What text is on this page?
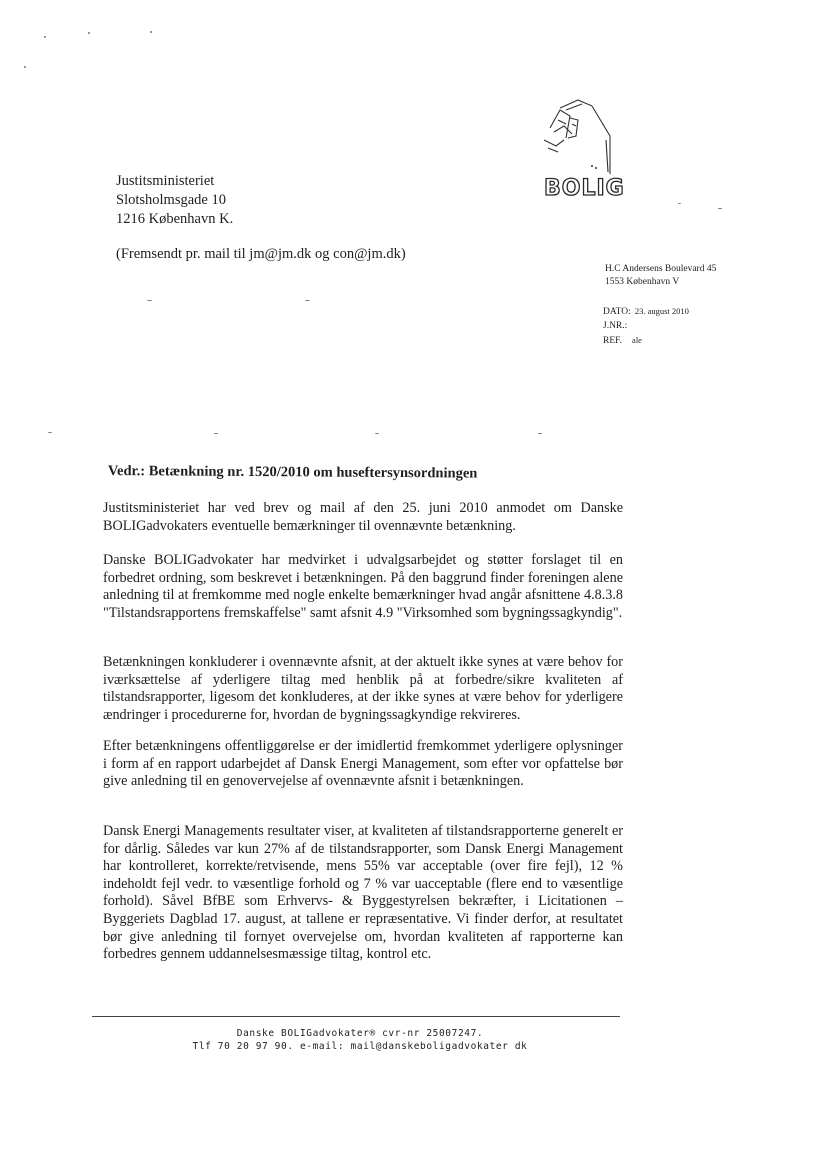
Justitsministeriet
Slotsholmsgade 10
1216 København K.
(Fremsendt pr. mail til jm@jm.dk og con@jm.dk)
BOLIG
H.C Andersens Boulevard 45
1553 København V
DATO: 23. august 2010
J.NR.:
REF. ale
Vedr.: Betænkning nr. 1520/2010 om huseftersynsordningen
Justitsministeriet har ved brev og mail af den 25. juni 2010 anmodet om Danske BOLIGadvokaters eventuelle bemærkninger til ovennævnte betænkning.
Danske BOLIGadvokater har medvirket i udvalgsarbejdet og støtter forslaget til en forbedret ordning, som beskrevet i betænkningen. På den baggrund finder foreningen alene anledning til at fremkomme med nogle enkelte bemærkninger hvad angår afsnittene 4.8.3.8 "Tilstandsrapportens fremskaffelse" samt afsnit 4.9 "Virksomhed som bygningssagkyndig".
Betænkningen konkluderer i ovennævnte afsnit, at der aktuelt ikke synes at være behov for iværksættelse af yderligere tiltag med henblik på at forbedre/sikre kvaliteten af tilstandsrapporter, ligesom det konkluderes, at der ikke synes at være behov for yderligere ændringer i procedurerne for, hvordan de bygningssagkyndige rekvireres.
Efter betænkningens offentliggørelse er der imidlertid fremkommet yderligere oplysninger i form af en rapport udarbejdet af Dansk Energi Management, som efter vor opfattelse bør give anledning til en genovervejelse af ovennævnte afsnit i betænkningen.
Dansk Energi Managements resultater viser, at kvaliteten af tilstandsrapporterne generelt er for dårlig. Således var kun 27% af de tilstandsrapporter, som Dansk Energi Management har kontrolleret, korrekte/retvisende, mens 55% var acceptable (over fire fejl), 12 % indeholdt fejl vedr. to væsentlige forhold og 7 % var uacceptable (flere end to væsentlige forhold). Såvel BfBE som Erhvervs- & Byggestyrelsen bekræfter, i Licitationen – Byggeriets Dagblad 17. august, at tallene er repræsentative. Vi finder derfor, at resultatet bør give anledning til fornyet overvejelse om, hvordan kvaliteten af rapporterne kan forbedres gennem uddannelsesmæssige tiltag, kontrol etc.
Danske BOLIGadvokater® cvr-nr 25007247.
Tlf 70 20 97 90. e-mail: mail@danskeboligadvokater dk
